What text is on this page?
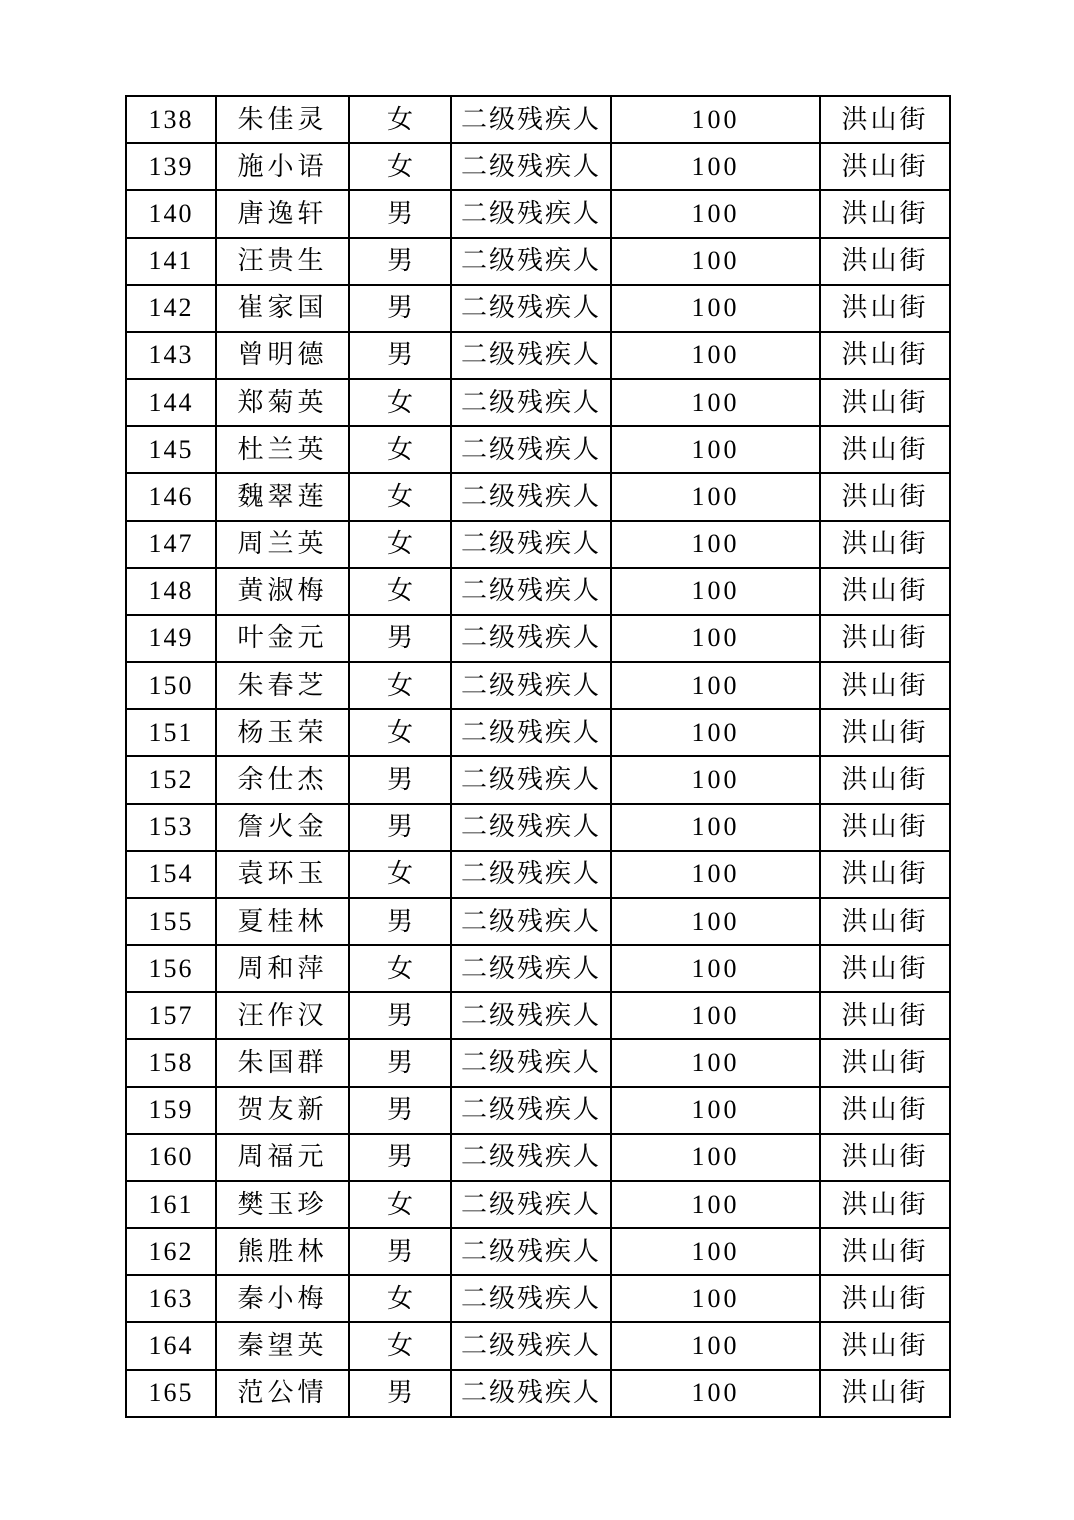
138	朱佳灵	女	二级残疾人	100	洪山街
139	施小语	女	二级残疾人	100	洪山街
140	唐逸轩	男	二级残疾人	100	洪山街
141	汪贵生	男	二级残疾人	100	洪山街
142	崔家国	男	二级残疾人	100	洪山街
143	曾明德	男	二级残疾人	100	洪山街
144	郑菊英	女	二级残疾人	100	洪山街
145	杜兰英	女	二级残疾人	100	洪山街
146	魏翠莲	女	二级残疾人	100	洪山街
147	周兰英	女	二级残疾人	100	洪山街
148	黄淑梅	女	二级残疾人	100	洪山街
149	叶金元	男	二级残疾人	100	洪山街
150	朱春芝	女	二级残疾人	100	洪山街
151	杨玉荣	女	二级残疾人	100	洪山街
152	余仕杰	男	二级残疾人	100	洪山街
153	詹火金	男	二级残疾人	100	洪山街
154	袁环玉	女	二级残疾人	100	洪山街
155	夏桂林	男	二级残疾人	100	洪山街
156	周和萍	女	二级残疾人	100	洪山街
157	汪作汉	男	二级残疾人	100	洪山街
158	朱国群	男	二级残疾人	100	洪山街
159	贺友新	男	二级残疾人	100	洪山街
160	周福元	男	二级残疾人	100	洪山街
161	樊玉珍	女	二级残疾人	100	洪山街
162	熊胜林	男	二级残疾人	100	洪山街
163	秦小梅	女	二级残疾人	100	洪山街
164	秦望英	女	二级残疾人	100	洪山街
165	范公情	男	二级残疾人	100	洪山街
